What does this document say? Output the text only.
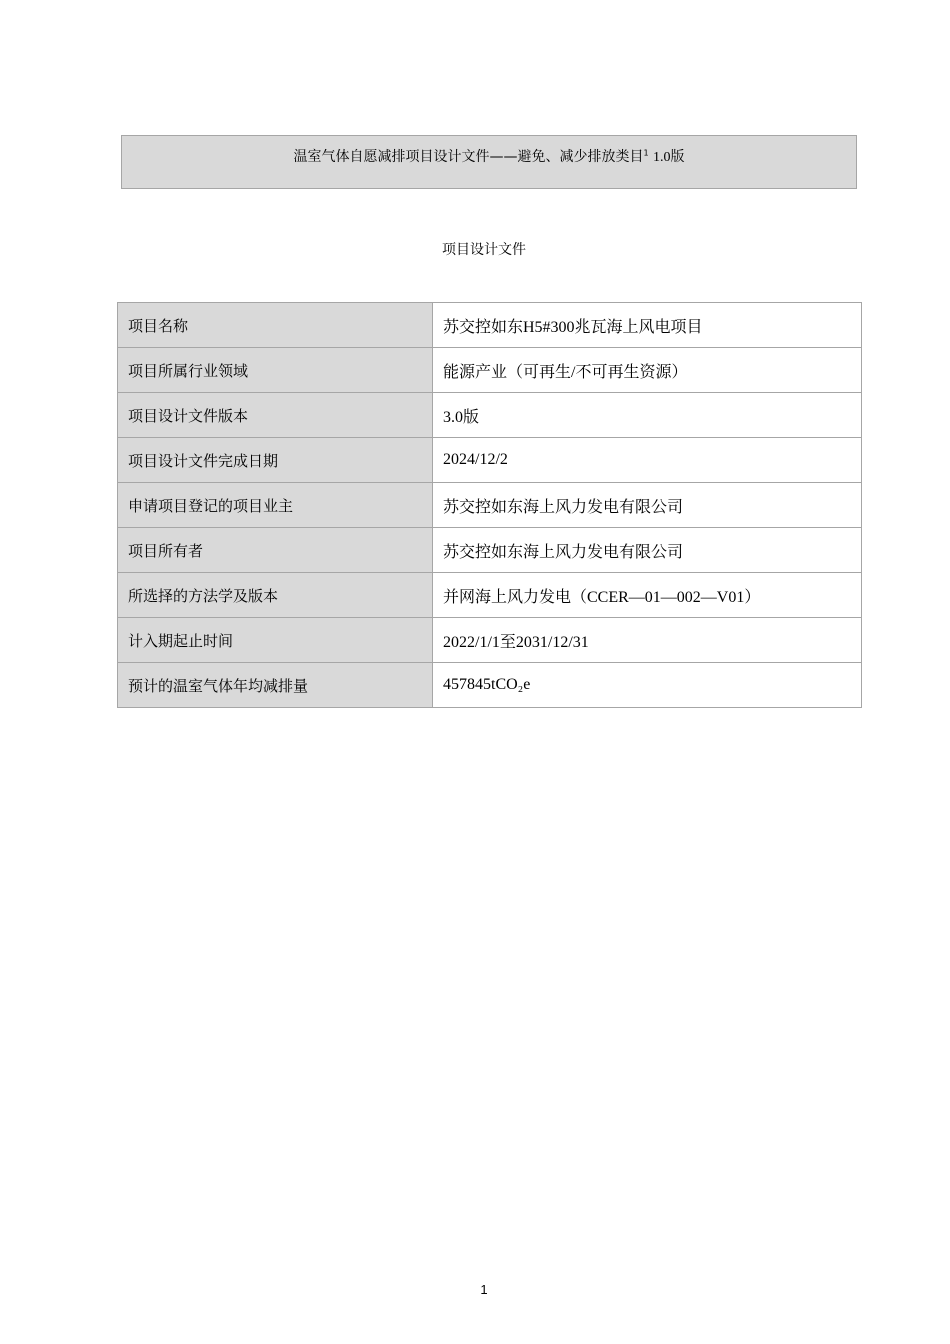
温室气体自愿减排项目设计文件——避免、减少排放类目$^1$ 1.0版
项目设计文件
项目名称	苏交控如东H5#300兆瓦海上风电项目
项目所属行业领域	能源产业（可再生/不可再生资源）
项目设计文件版本	3.0版
项目设计文件完成日期	2024/12/2
申请项目登记的项目业主	苏交控如东海上风力发电有限公司
项目所有者	苏交控如东海上风力发电有限公司
所选择的方法学及版本	并网海上风力发电（CCER—01—002—V01）
计入期起止时间	2022/1/1至2031/12/31
预计的温室气体年均减排量	457845tCO₂e
1
